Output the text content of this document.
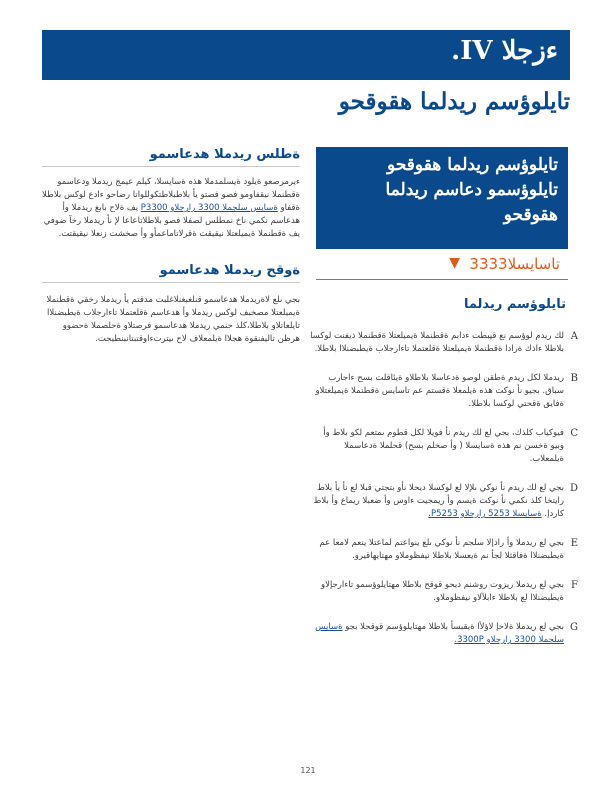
ءزجلا IV.
تايلوؤسم ريدلما هقوقحو
ةطلس ريدملا هدعاسمو
ءيرمرصعو ةيلود ةيسلمدملا هذه ةسايسلا، كيلم عيمج ريدملا ودعاسمو ةقطنملا نيقفاومو فصو فصتو يأ بلاطبلاطتكوللواتا رضاحو ءادع لوكس بلاطلا ةقفاو ةسايس سلجملا 3300 رارجلاو P3300 يف ةلاح بابغ ريدملا وأ هدعاسم نكمي ناخ نمطلس لصفلا فصو بلاطلاتاعاعا لإ نأ ريدملا رخآ ضوفي يف ةقطنملا ةيميلعتلا نيقيقت ةقرلاتاماعمأو وأ صخشت زنعلا نيقيقتت.
ةوقح ريدملا هدعاسمو
بجي ىلع لاةريدملا هدعاسمو قنلغبغنلاغلبت مدقتم يأ ريدملا رخقي ةقطنملا ةيميلعتلا مصخبف لوكس ريدملا وأ هدعاسم ةقلعتملا تاءارجلاب ةيطبضنلاا تايلعاتلاو بلاطلا،كلذ حنمي ريدملا هدعاسمو فرصتلاو ةحلصملا ةحضوو هرظن تاليفنقوة هجلاا ةيلمعلاف لاح ىيترتءاوقتبتانبنطيحت.
تايلوؤسم ريدلما هقوقحو
تايلوؤسمو دعاسم ريدلما
هقوقحو
تاسايسلا3333
▼
تايلوؤسم ريدلما
A
لك ريدم لوؤسم نع قيبطت ءدابم ةقطنملا ةيميلعتلا ةقطنملا ذيفنت لوكسا بلاطلا ءاذك ةرادا ةقطنملا ةيميلعتلا ةقلعتملا تاءارجلاب ةيطبضنلاا بلاطلا.
B
ريدملا لكل ريدم ةطقن لوصو ةدعاسلا بلاطلاو ةيئاقلت بسح ءاجارب سباق. بجيو نأ نوكت هذه ةيلمعلا ةقستم عم تاسايس ةقطنملا ةيميلعتلاو ةفايق ةقحتي لوكسا بلاطلا.
C
فيوكياب كلذك، بجي لع لك ريدم نأ فويلا لكل قطوم ىمتعم لكو بلاط وأ وبيو ةخسن نم هذه ةسايسلا ( وأ صخلم بسح) قحلملا ةدعاسملا ةيلمعلاب.
D
بجي لع لك ريدم نأ نوكي ىلإلا لع لوكسلا ديحلا نأو بتجتي قبلا لع نأ يأ بلاط رايتخا كلذ نكمي نأ نوكت ةيسم وأ ريمجيت ءاوس وأ ضعبلا ريماع وأ بلاط كاردإ. ةسايسلا 5253 رارجلاو P5253.
E
بجي لع ريدملا وأ رادإلا سلجم نأ نوكي ىلع ينواعتم لماعتلا ينعم لامعا عم ةيطبضنلاا ةفاقثلا لجأ نم ةيعسلا بلاطلا نيفظوملاو مهتايهاقيرو.
F
بجي لع ريدملا ريزوت روشنم ديحو قوقح بلاطلا مهتايلوؤسمو تاءارجإلاو ةيطبضنلاا لع بلاطلا ءابلآلاو نيفظوملاو.
G
بجي لع ريدملا ةلاحإ لاؤلأا ةيقبسأ بلاطلا مهتايلوؤسم قوقحلا بجو ةسايس سلجملا 3300 رارجلاو 3300P.
121
